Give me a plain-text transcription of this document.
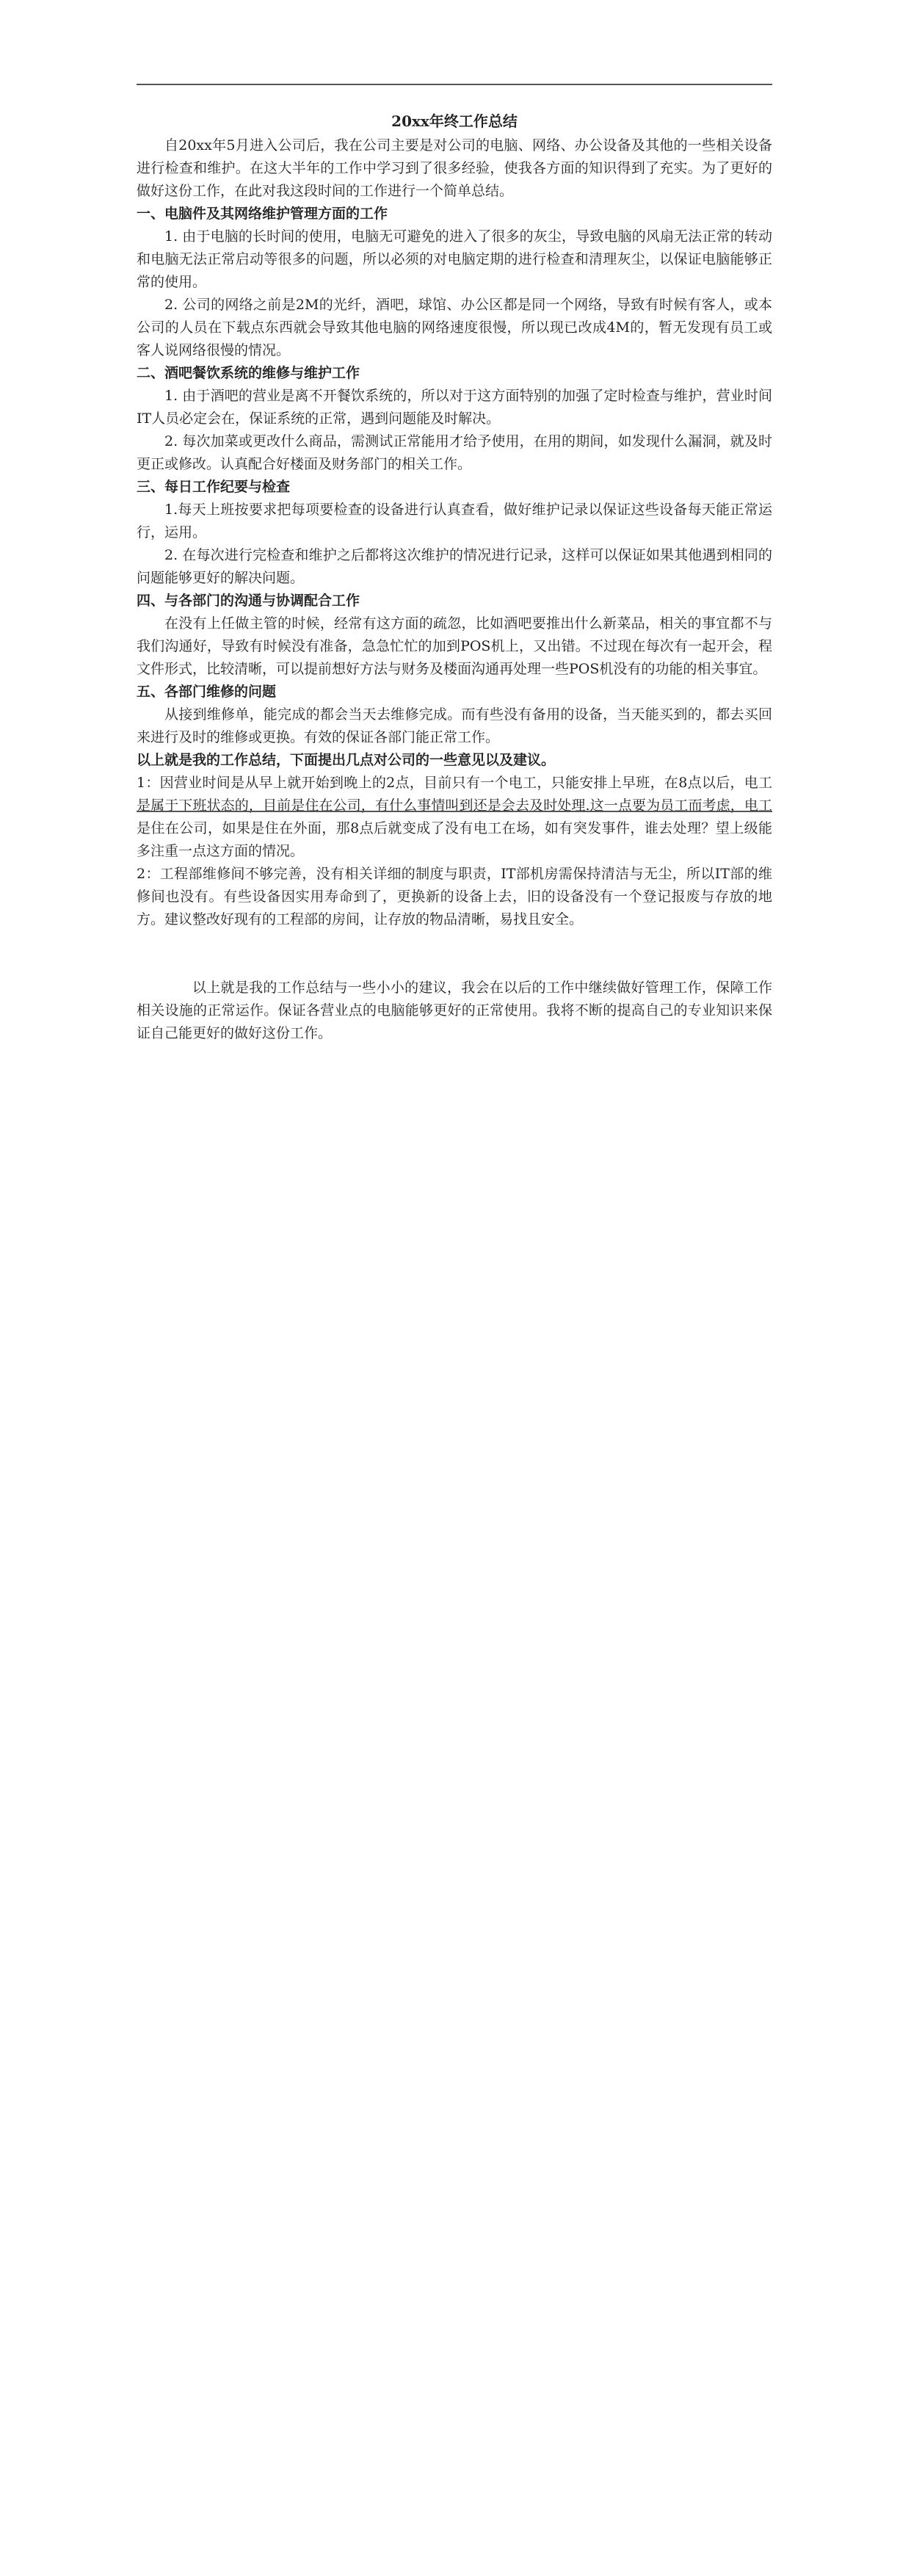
20xx年终工作总结

自20xx年5月进入公司后，我在公司主要是对公司的电脑、网络、办公设备及其他的一些相关设备进行检查和维护。在这大半年的工作中学习到了很多经验，使我各方面的知识得到了充实。为了更好的做好这份工作，在此对我这段时间的工作进行一个简单总结。

一、电脑件及其网络维护管理方面的工作

1. 由于电脑的长时间的使用，电脑无可避免的进入了很多的灰尘，导致电脑的风扇无法正常的转动和电脑无法正常启动等很多的问题，所以必须的对电脑定期的进行检查和清理灰尘，以保证电脑能够正常的使用。

2. 公司的网络之前是2M的光纤，酒吧，球馆、办公区都是同一个网络，导致有时候有客人，或本公司的人员在下载点东西就会导致其他电脑的网络速度很慢，所以现已改成4M的，暂无发现有员工或客人说网络很慢的情况。

二、酒吧餐饮系统的维修与维护工作

1. 由于酒吧的营业是离不开餐饮系统的，所以对于这方面特别的加强了定时检查与维护，营业时间IT人员必定会在，保证系统的正常，遇到问题能及时解决。

2. 每次加菜或更改什么商品，需测试正常能用才给予使用，在用的期间，如发现什么漏洞，就及时更正或修改。认真配合好楼面及财务部门的相关工作。

三、每日工作纪要与检查

1.每天上班按要求把每项要检查的设备进行认真查看，做好维护记录以保证这些设备每天能正常运行，运用。

2. 在每次进行完检查和维护之后都将这次维护的情况进行记录，这样可以保证如果其他遇到相同的问题能够更好的解决问题。

四、与各部门的沟通与协调配合工作

在没有上任做主管的时候，经常有这方面的疏忽，比如酒吧要推出什么新菜品，相关的事宜都不与我们沟通好，导致有时候没有准备，急急忙忙的加到POS机上，又出错。不过现在每次有一起开会，程文件形式，比较清晰，可以提前想好方法与财务及楼面沟通再处理一些POS机没有的功能的相关事宜。

五、各部门维修的问题

从接到维修单，能完成的都会当天去维修完成。而有些没有备用的设备，当天能买到的，都去买回来进行及时的维修或更换。有效的保证各部门能正常工作。

以上就是我的工作总结，下面提出几点对公司的一些意见以及建议。

1：因营业时间是从早上就开始到晚上的2点，目前只有一个电工，只能安排上早班，在8点以后，电工是属于下班状态的，目前是住在公司，有什么事情叫到还是会去及时处理.这一点要为员工而考虑，电工是住在公司，如果是住在外面，那8点后就变成了没有电工在场，如有突发事件，谁去处理？望上级能多注重一点这方面的情况。

2：工程部维修间不够完善，没有相关详细的制度与职责，IT部机房需保持清洁与无尘，所以IT部的维修间也没有。有些设备因实用寿命到了，更换新的设备上去，旧的设备没有一个登记报废与存放的地方。建议整改好现有的工程部的房间，让存放的物品清晰，易找且安全。

以上就是我的工作总结与一些小小的建议，我会在以后的工作中继续做好管理工作，保障工作相关设施的正常运作。保证各营业点的电脑能够更好的正常使用。我将不断的提高自己的专业知识来保证自己能更好的做好这份工作。
